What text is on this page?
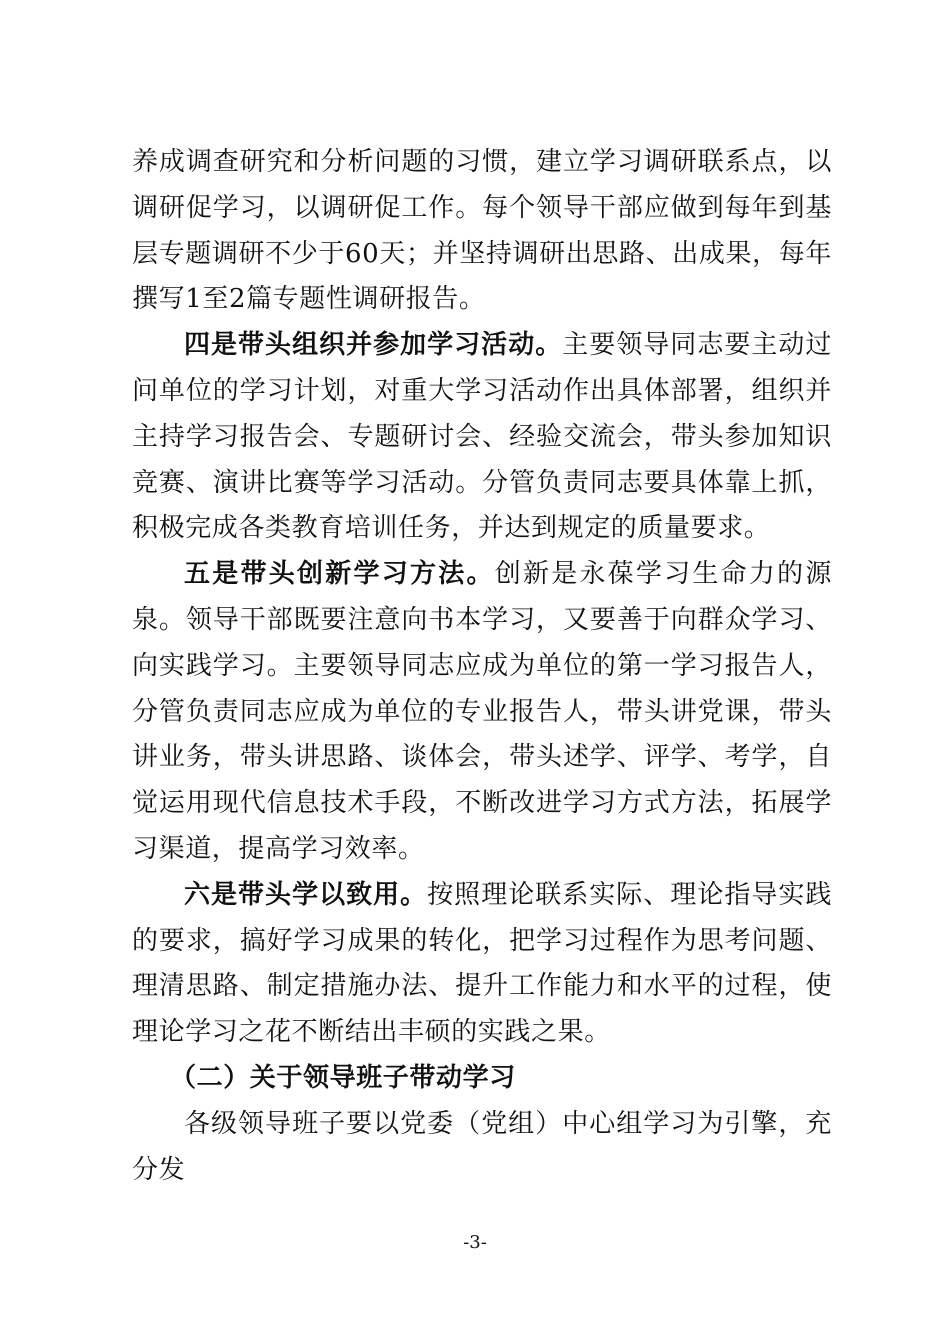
养成调查研究和分析问题的习惯，建立学习调研联系点，以调研促学习，以调研促工作。每个领导干部应做到每年到基层专题调研不少于60天；并坚持调研出思路、出成果，每年撰写1至2篇专题性调研报告。

四是带头组织并参加学习活动。主要领导同志要主动过问单位的学习计划，对重大学习活动作出具体部署，组织并主持学习报告会、专题研讨会、经验交流会，带头参加知识竞赛、演讲比赛等学习活动。分管负责同志要具体靠上抓，积极完成各类教育培训任务，并达到规定的质量要求。

五是带头创新学习方法。创新是永葆学习生命力的源泉。领导干部既要注意向书本学习，又要善于向群众学习、向实践学习。主要领导同志应成为单位的第一学习报告人，分管负责同志应成为单位的专业报告人，带头讲党课，带头讲业务，带头讲思路、谈体会，带头述学、评学、考学，自觉运用现代信息技术手段，不断改进学习方式方法，拓展学习渠道，提高学习效率。

六是带头学以致用。按照理论联系实际、理论指导实践的要求，搞好学习成果的转化，把学习过程作为思考问题、理清思路、制定措施办法、提升工作能力和水平的过程，使理论学习之花不断结出丰硕的实践之果。

（二）关于领导班子带动学习

各级领导班子要以党委（党组）中心组学习为引擎，充分发

-3-
